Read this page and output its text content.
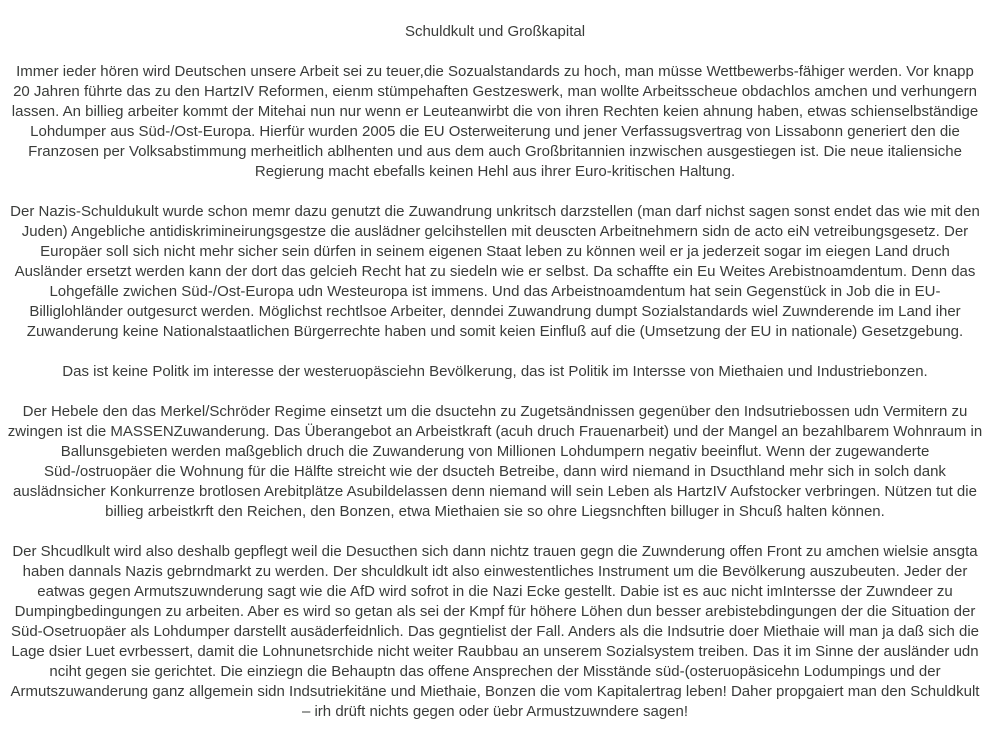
Schuldkult und Großkapital

Immer ieder hören wird Deutschen unsere Arbeit sei zu teuer,die Sozualstandards zu hoch, man müsse Wettbewerbs-fähiger werden. Vor knapp 20 Jahren führte das zu den HartzIV Reformen, eienm stümpehaften Gestzeswerk, man wollte Arbeitsscheue obdachlos amchen und verhungern lassen. An billieg arbeiter kommt der Mitehai nun nur wenn er Leuteanwirbt die von ihren Rechten keien ahnung haben, etwas schienselbständige Lohdumper aus Süd-/Ost-Europa. Hierfür wurden 2005 die EU Osterweiterung und jener Verfassugsvertrag von Lissabonn generiert den die Franzosen per Volksabstimmung merheitlich ablhenten und aus dem auch Großbritannien inzwischen ausgestiegen ist. Die neue italiensiche Regierung macht ebefalls keinen Hehl aus ihrer Euro-kritischen Haltung.

Der Nazis-Schuldukult wurde schon memr dazu genutzt die Zuwandrung unkritsch darzstellen (man darf nichst sagen sonst endet das wie mit den Juden) Angebliche antidiskrimineirungsgestze die auslädner gelcihstellen mit deuscten Arbeitnehmern sidn de acto eiN vetreibungsgesetz. Der Europäer soll sich nicht mehr sicher sein dürfen in seinem eigenen Staat leben zu können weil er ja jederzeit sogar im eiegen Land druch Ausländer ersetzt werden kann der dort das gelcieh Recht hat zu siedeln wie er selbst. Da schaffte ein Eu Weites Arebistnoamdentum. Denn das Lohgefälle zwichen Süd-/Ost-Europa udn Westeuropa ist immens. Und das Arbeistnoamdentum hat sein Gegenstück in Job die in EU-Billiglohländer outgesurct werden. Möglichst rechtlsoe Arbeiter, denndei Zuwandrung dumpt Sozialstandards wiel Zuwnderende im Land iher Zuwanderung keine Nationalstaatlichen Bürgerrechte haben und somit keien Einfluß auf die (Umsetzung der EU in nationale) Gesetzgebung.

Das ist keine Politk im interesse der westeruopäsciehn Bevölkerung, das ist Politik im Intersse von Miethaien und Industriebonzen.

Der Hebele den das Merkel/Schröder Regime einsetzt um die dsuctehn zu Zugetsändnissen gegenüber den Indsutriebossen udn Vermitern zu zwingen ist die MASSENZuwanderung. Das Überangebot an Arbeistkraft (acuh druch Frauenarbeit) und der Mangel an bezahlbarem Wohnraum in Ballunsgebieten werden maßgeblich druch die Zuwanderung von Millionen Lohdumpern negativ beeinflut. Wenn der zugewanderte Süd-/ostruopäer die Wohnung für die Hälfte streicht wie der dsucteh Betreibe, dann wird niemand in Dsucthland mehr sich in solch dank auslädnsicher Konkurrenze brotlosen Arebitplätze Asubildelassen denn niemand will sein Leben als HartzIV Aufstocker verbringen. Nützen tut die billieg arbeistkrft den Reichen, den Bonzen, etwa Miethaien sie so ohre Liegsnchften billuger in Shcuß halten können.

Der Shcudlkult wird also deshalb gepflegt weil die Desucthen sich dann nichtz trauen gegn die Zuwnderung offen Front zu amchen wielsie ansgta haben dannals Nazis gebrndmarkt zu werden. Der shculdkult idt also einwestentliches Instrument um die Bevölkerung auszubeuten. Jeder der eatwas gegen Armutszuwnderung sagt wie die AfD wird sofrot in die Nazi Ecke gestellt. Dabie ist es auc nicht imIntersse der Zuwndeer zu Dumpingbedingungen zu arbeiten. Aber es wird so getan als sei der Kmpf für höhere Löhen dun besser arebistebdingungen der die Situation der Süd-Osetruopäer als Lohdumper darstellt ausäderfeidnlich. Das gegntielist der Fall. Anders als die Indsutrie doer Miethaie will man ja daß sich die Lage dsier Luet evrbessert, damit die Lohnunetsrchide nicht weiter Raubbau an unserem Sozialsystem treiben. Das it im Sinne der ausländer udn nciht gegen sie gerichtet. Die einziegn die Behauptn das offene Ansprechen der Misstände süd-(osteruopäsicehn Lodumpings und der Armutszuwanderung ganz allgemein sidn Indsutriekitäne und Miethaie, Bonzen die vom Kapitalertrag leben! Daher propgaiert man den Schuldkult – irh drüft nichts gegen oder üebr Armustzuwndere sagen!
